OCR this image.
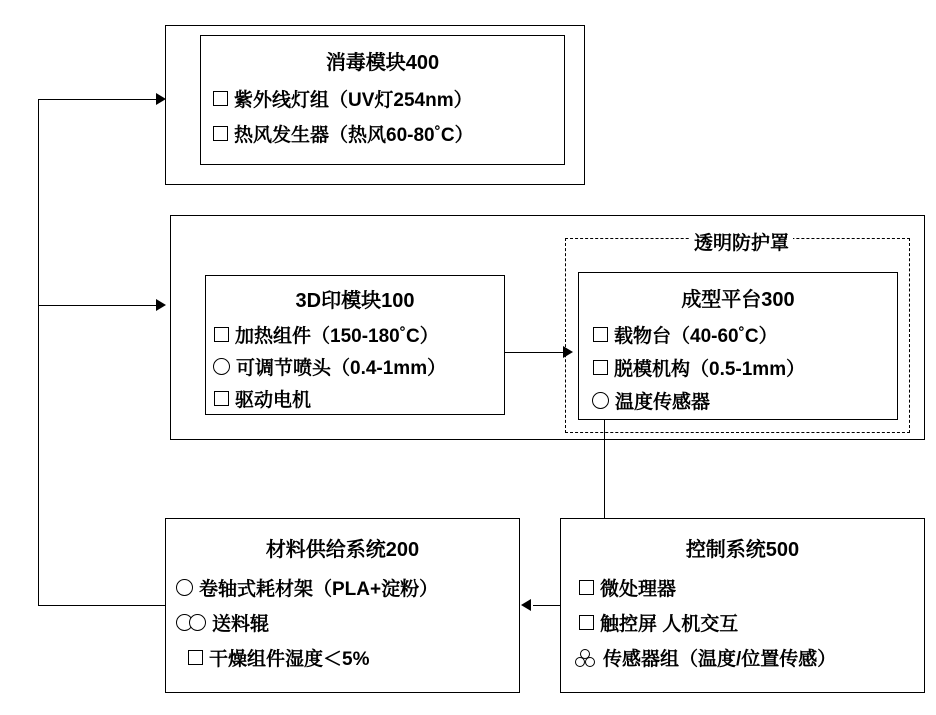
消毒模块400
紫外线灯组（UV灯254nm）
热风发生器（热风60-80˚C）
透明防护罩
3D印模块100
加热组件（150-180˚C）
可调节喷头（0.4-1mm）
驱动电机
成型平台300
载物台（40-60˚C）
脱模机构（0.5-1mm）
温度传感器
材料供给系统200
卷轴式耗材架（PLA+淀粉）
送料辊
干燥组件湿度＜5%
控制系统500
微处理器
触控屏 人机交互
传感器组（温度/位置传感）
